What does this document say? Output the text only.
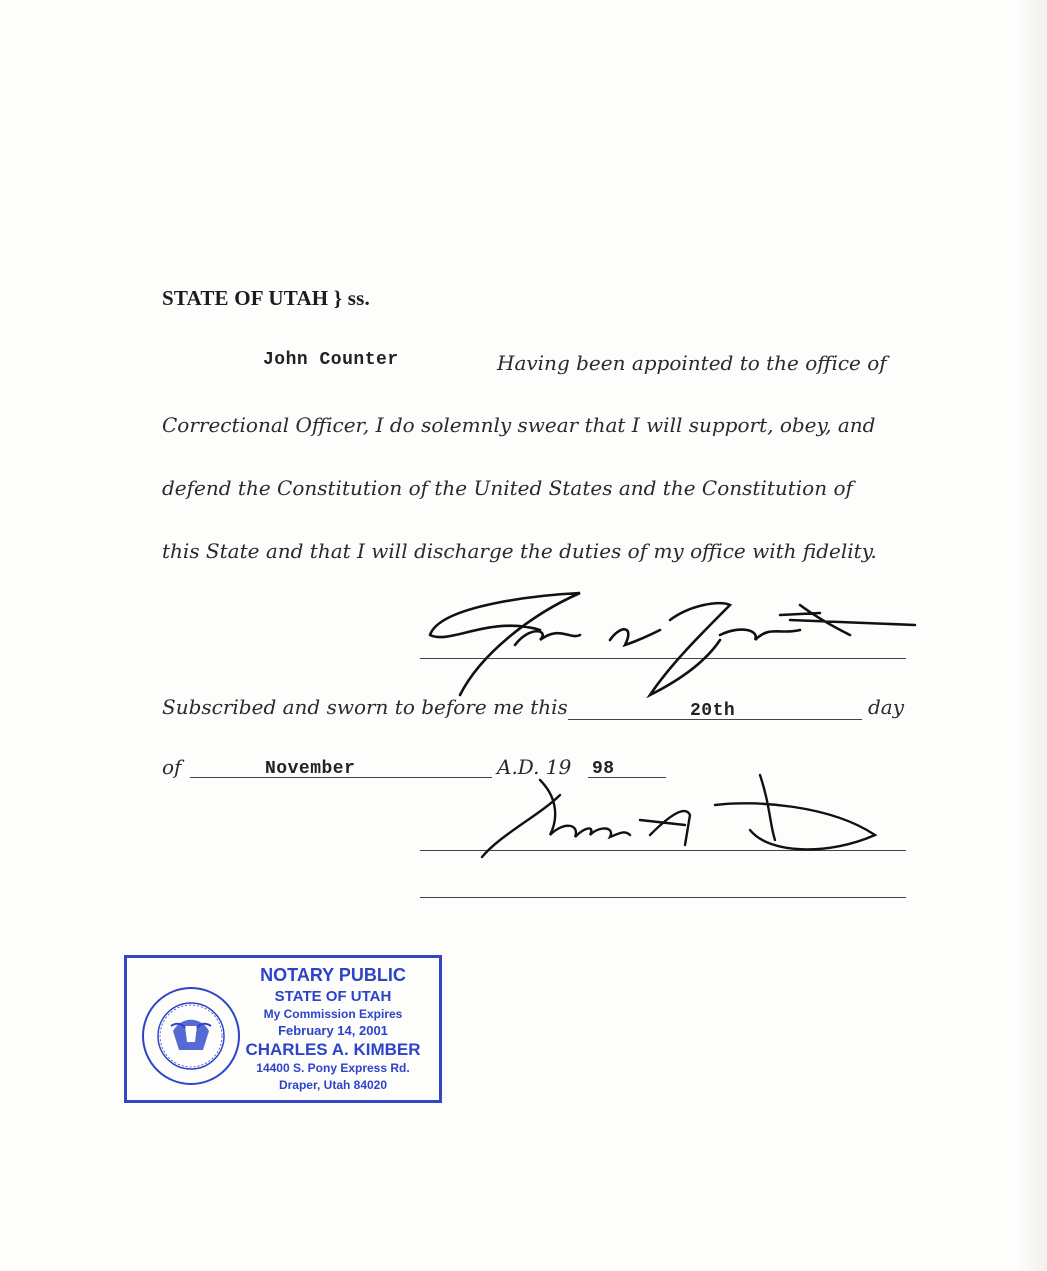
STATE OF UTAH } ss.
John Counter	Having been appointed to the office of
Correctional Officer, I do solemnly swear that I will support, obey, and
defend the Constitution of the United States and the Constitution of
this State and that I will discharge the duties of my office with fidelity.
Subscribed and sworn to before me this	20th	day
of	November	A.D. 19 98
NOTARY PUBLIC
STATE OF UTAH
My Commission Expires
February 14, 2001
CHARLES A. KIMBER
14400 S. Pony Express Rd.
Draper, Utah 84020
